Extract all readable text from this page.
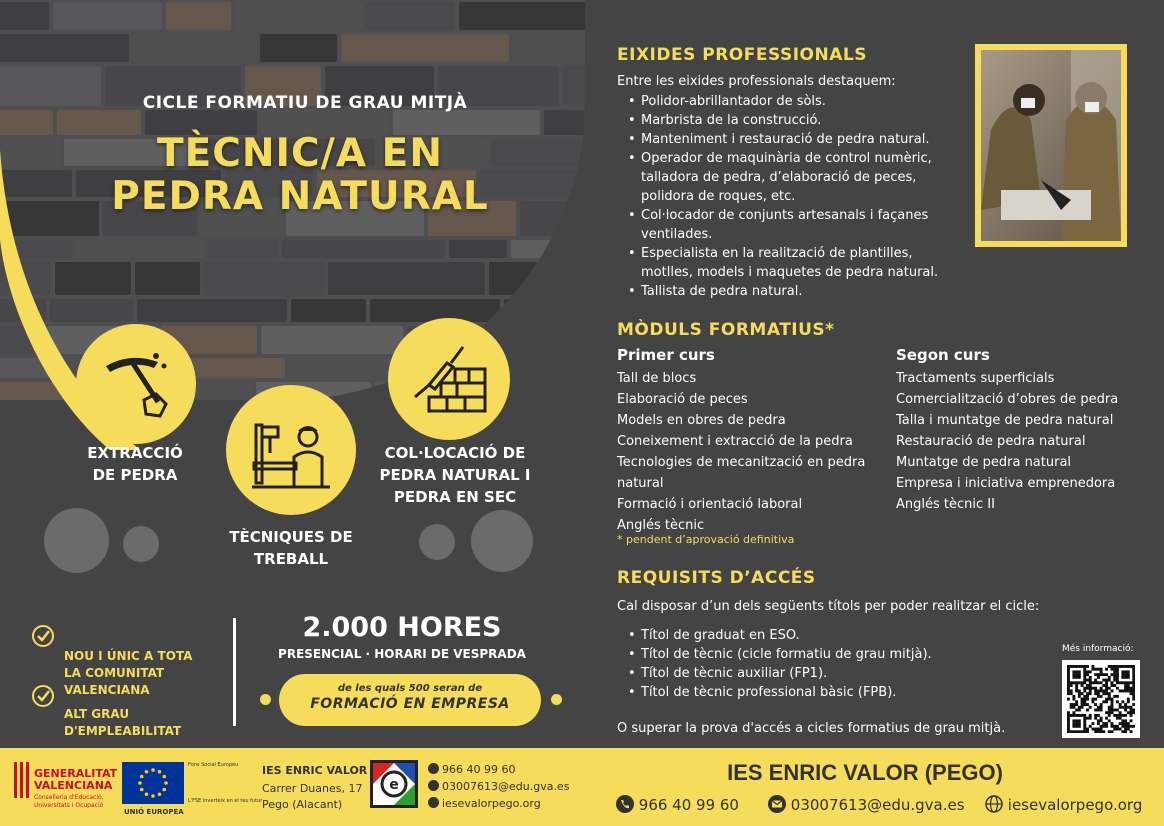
CICLE FORMATIU DE GRAU MITJÀ
TÈCNIC/A EN
PEDRA NATURAL
EXTRACCIÓ
DE PEDRA
TÈCNIQUES DE
TREBALL
COL·LOCACIÓ DE
PEDRA NATURAL I
PEDRA EN SEC
NOU I ÚNIC A TOTA
LA COMUNITAT
VALENCIANA
ALT GRAU
D'EMPLEABILITAT
2.000 HORES
PRESENCIAL · HORARI DE VESPRADA
de les quals 500 seran de
FORMACIÓ EN EMPRESA
EIXIDES PROFESSIONALS
Entre les eixides professionals destaquem:
• Polidor-abrillantador de sòls.
• Marbrista de la construcció.
• Manteniment i restauració de pedra natural.
• Operador de maquinària de control numèric,
talladora de pedra, d’elaboració de peces,
polidora de roques, etc.
• Col·locador de conjunts artesanals i façanes
ventilades.
• Especialista en la realització de plantilles,
motlles, models i maquetes de pedra natural.
• Tallista de pedra natural.
MÒDULS FORMATIUS*
Primer curs
Tall de blocs
Elaboració de peces
Models en obres de pedra
Coneixement i extracció de la pedra
Tecnologies de mecanització en pedra
natural
Formació i orientació laboral
Anglés tècnic
* pendent d’aprovació definitiva
Segon curs
Tractaments superficials
Comercialització d’obres de pedra
Talla i muntatge de pedra natural
Restauració de pedra natural
Muntatge de pedra natural
Empresa i iniciativa emprenedora
Anglés tècnic II
REQUISITS D’ACCÉS
Cal disposar d’un dels següents títols per poder realitzar el cicle:
• Títol de graduat en ESO.
• Títol de tècnic (cicle formatiu de grau mitjà).
• Títol de tècnic auxiliar (FP1).
• Títol de tècnic professional bàsic (FPB).
O superar la prova d'accés a cicles formatius de grau mitjà.
Més informació:
GENERALITAT
VALENCIANA
Conselleria d'Educació,
Universitats i Ocupació
Fons Social Europeu
L'FSE inverteix en el teu futur
UNIÓ EUROPEA
IES ENRIC VALOR
Carrer Duanes, 17
Pego (Alacant)
e
966 40 99 60
03007613@edu.gva.es
iesevalorpego.org
IES ENRIC VALOR (PEGO)
966 40 99 60	03007613@edu.gva.es	iesevalorpego.org
